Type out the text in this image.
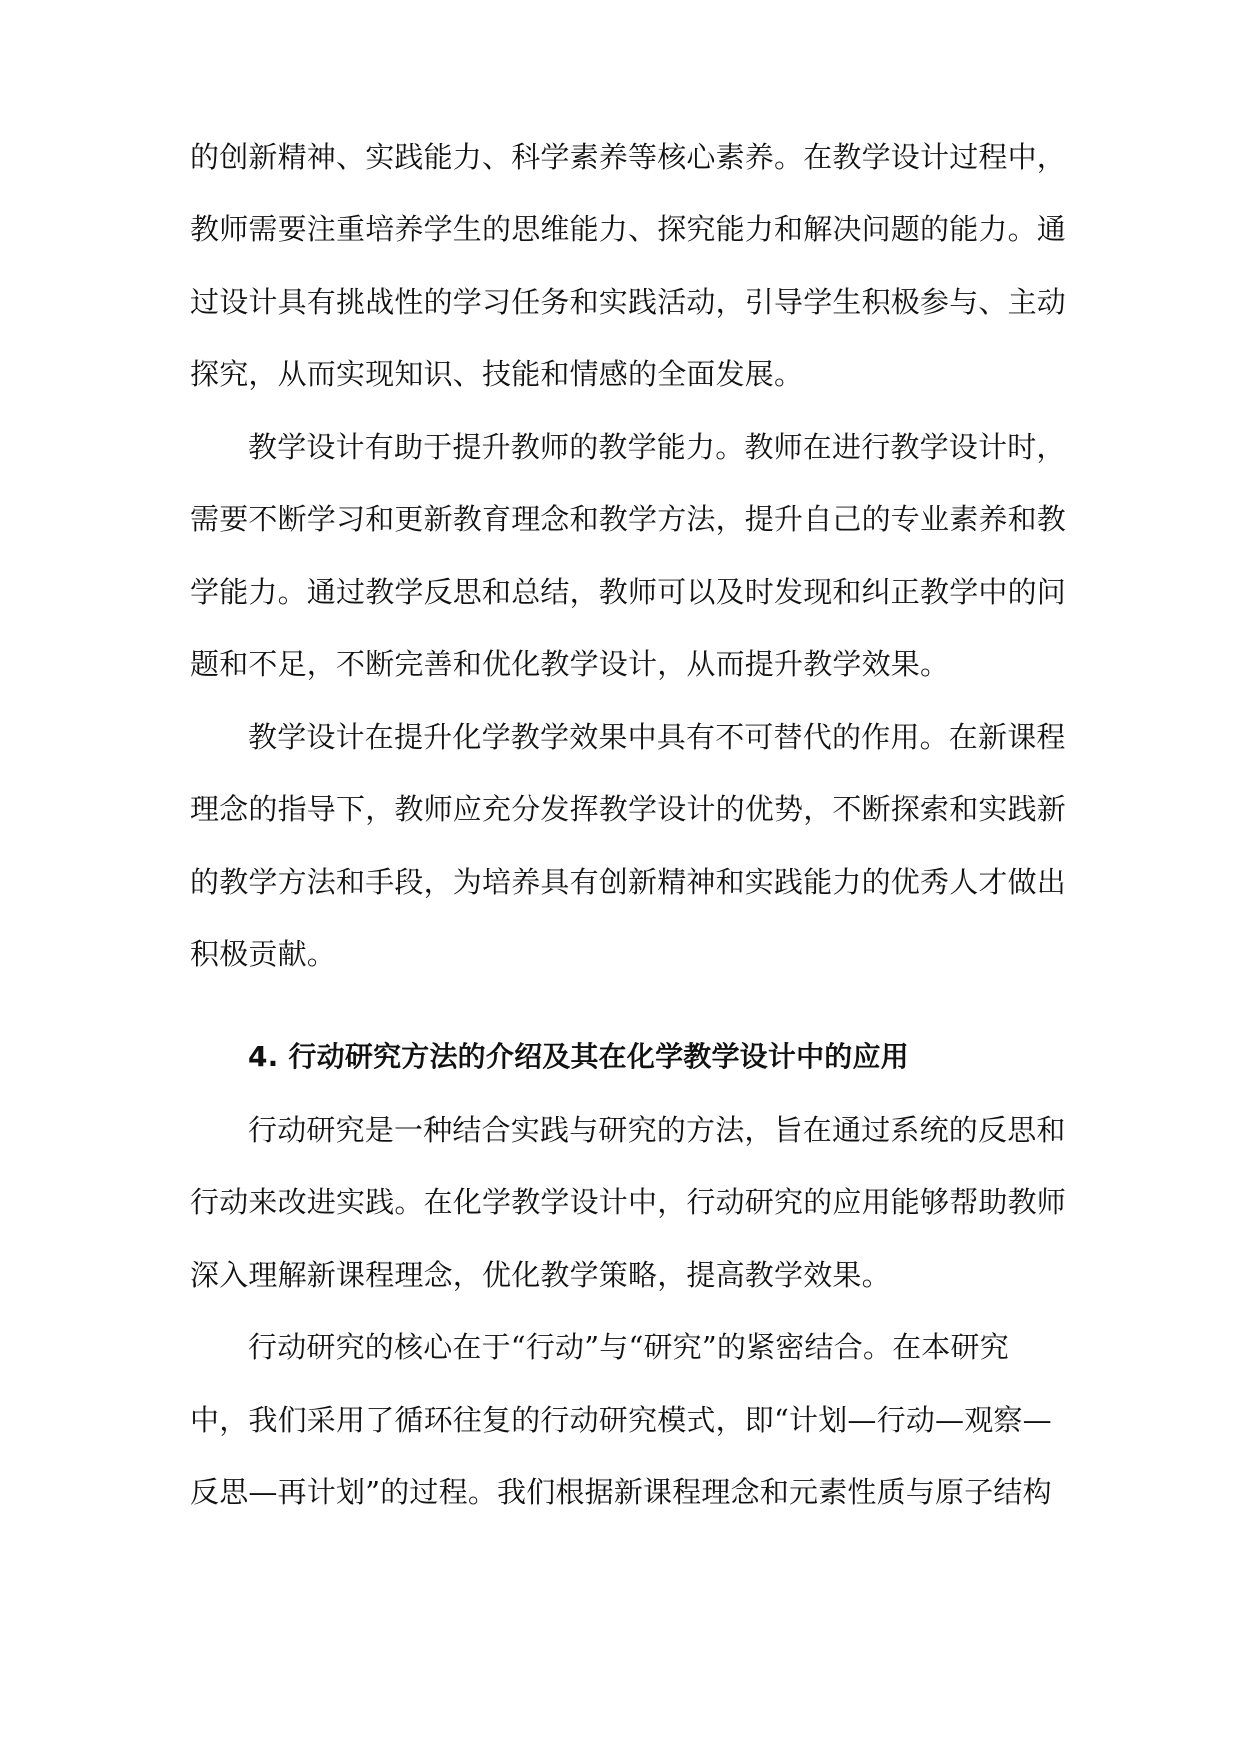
的创新精神、实践能力、科学素养等核心素养。在教学设计过程中，
教师需要注重培养学生的思维能力、探究能力和解决问题的能力。通
过设计具有挑战性的学习任务和实践活动，引导学生积极参与、主动
探究，从而实现知识、技能和情感的全面发展。
教学设计有助于提升教师的教学能力。教师在进行教学设计时，
需要不断学习和更新教育理念和教学方法，提升自己的专业素养和教
学能力。通过教学反思和总结，教师可以及时发现和纠正教学中的问
题和不足，不断完善和优化教学设计，从而提升教学效果。
教学设计在提升化学教学效果中具有不可替代的作用。在新课程
理念的指导下，教师应充分发挥教学设计的优势，不断探索和实践新
的教学方法和手段，为培养具有创新精神和实践能力的优秀人才做出
积极贡献。
4. 行动研究方法的介绍及其在化学教学设计中的应用
行动研究是一种结合实践与研究的方法，旨在通过系统的反思和
行动来改进实践。在化学教学设计中，行动研究的应用能够帮助教师
深入理解新课程理念，优化教学策略，提高教学效果。
行动研究的核心在于“行动”与“研究”的紧密结合。在本研究
中，我们采用了循环往复的行动研究模式，即“计划—行动—观察—
反思—再计划”的过程。我们根据新课程理念和元素性质与原子结构
